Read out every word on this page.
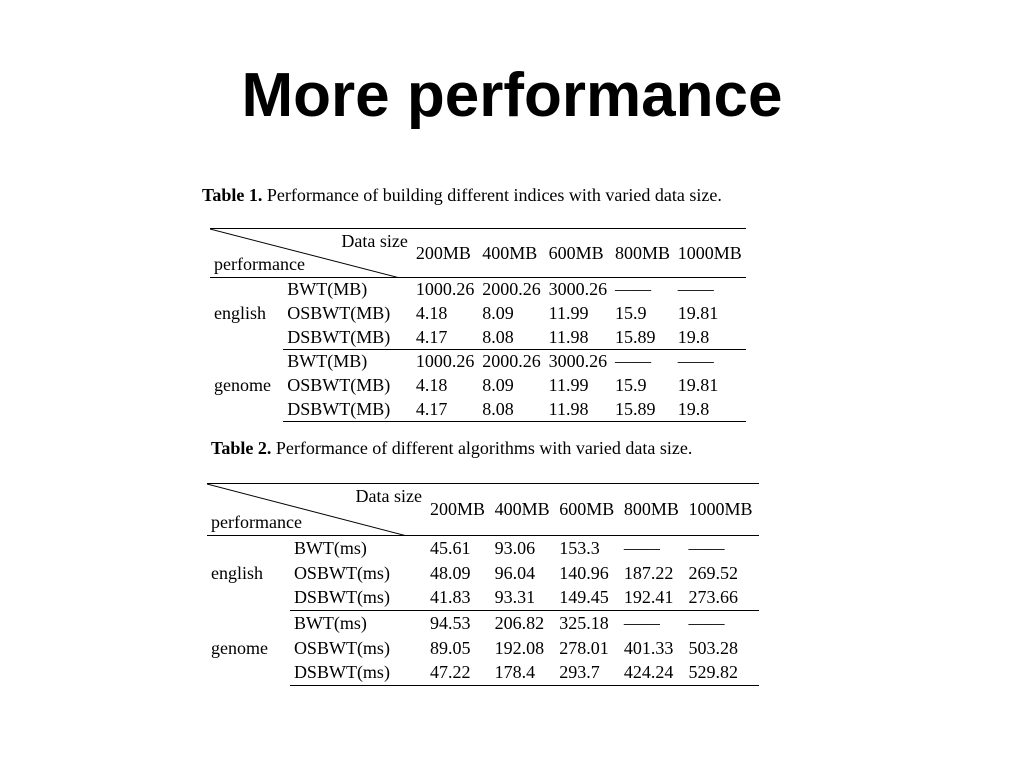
More performance
Table 1. Performance of building different indices with varied data size.
Data size
performance		200MB	400MB	600MB	800MB	1000MB
english	BWT(MB)	1000.26	2000.26	3000.26	——	——
	OSBWT(MB)	4.18	8.09	11.99	15.9	19.81
	DSBWT(MB)	4.17	8.08	11.98	15.89	19.8
genome	BWT(MB)	1000.26	2000.26	3000.26	——	——
	OSBWT(MB)	4.18	8.09	11.99	15.9	19.81
	DSBWT(MB)	4.17	8.08	11.98	15.89	19.8
Table 2. Performance of different algorithms with varied data size.
Data size
performance		200MB	400MB	600MB	800MB	1000MB
english	BWT(ms)	45.61	93.06	153.3	——	——
	OSBWT(ms)	48.09	96.04	140.96	187.22	269.52
	DSBWT(ms)	41.83	93.31	149.45	192.41	273.66
genome	BWT(ms)	94.53	206.82	325.18	——	——
	OSBWT(ms)	89.05	192.08	278.01	401.33	503.28
	DSBWT(ms)	47.22	178.4	293.7	424.24	529.82
